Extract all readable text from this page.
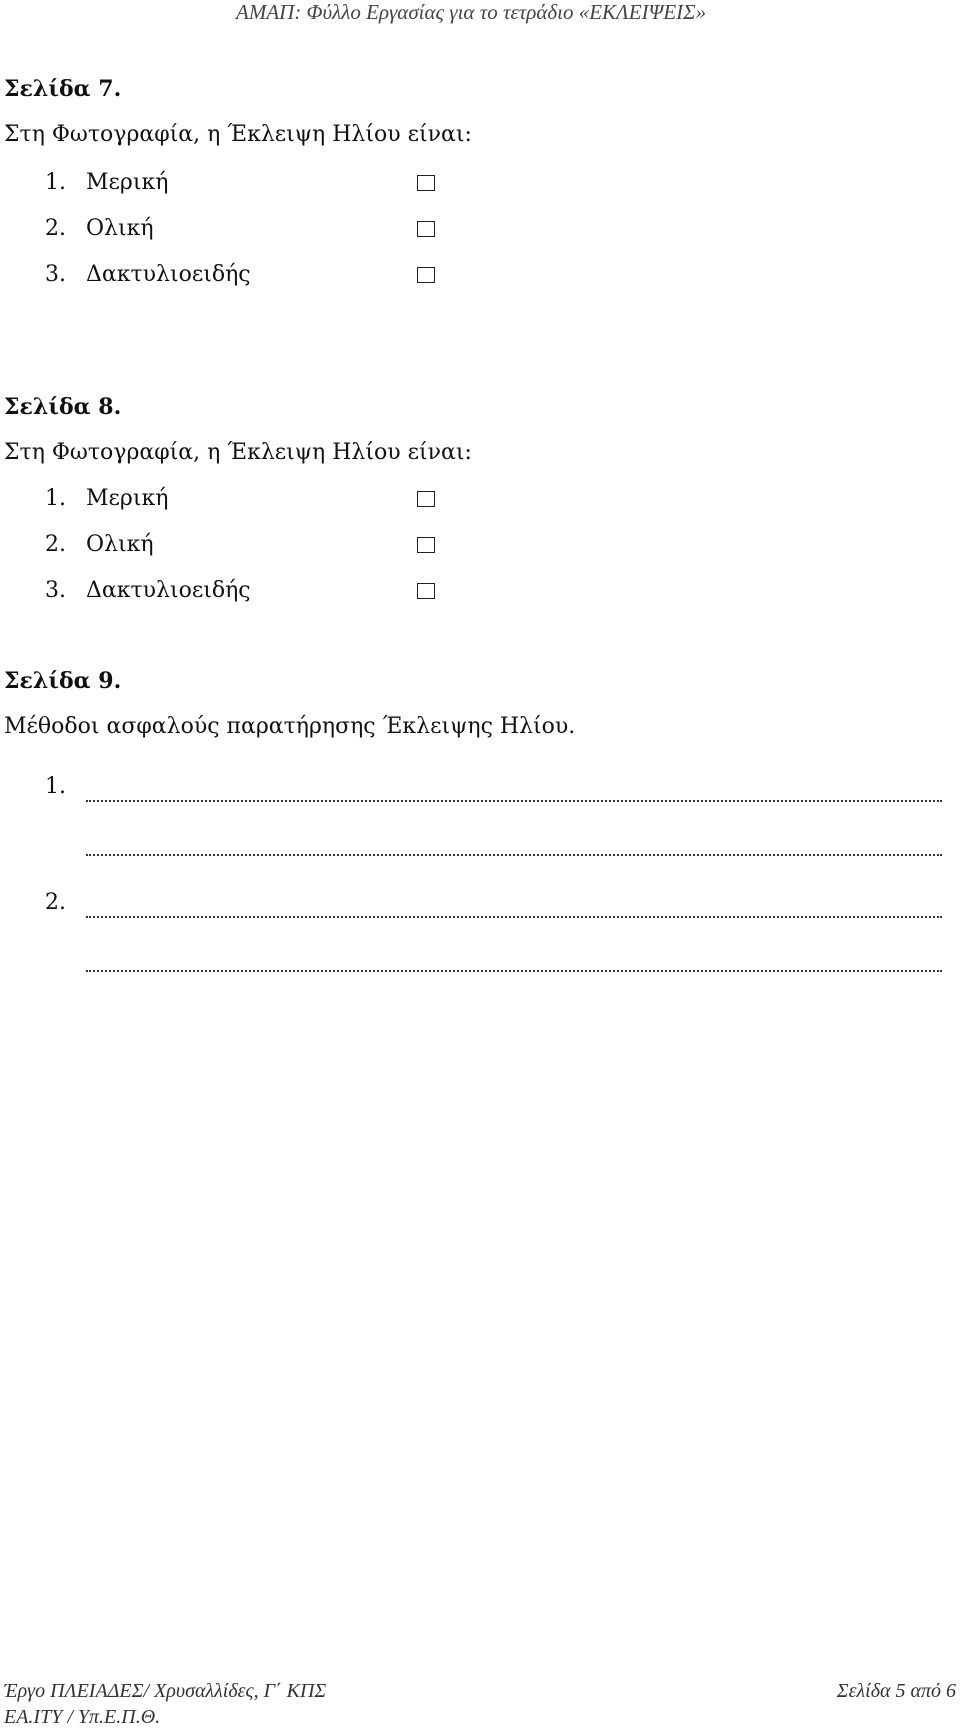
ΑΜΑΠ: Φύλλο Εργασίας για το τετράδιο «ΕΚΛΕΙΨΕΙΣ»
Σελίδα 7.
Στη Φωτογραφία, η Έκλειψη Ηλίου είναι:
1. Μερική
2. Ολική
3. Δακτυλιοειδής
Σελίδα 8.
Στη Φωτογραφία, η Έκλειψη Ηλίου είναι:
1. Μερική
2. Ολική
3. Δακτυλιοειδής
Σελίδα 9.
Μέθοδοι ασφαλούς παρατήρησης Έκλειψης Ηλίου.
1.
2.
Έργο ΠΛΕΙΑΔΕΣ/ Χρυσαλλίδες, Γ΄ ΚΠΣ	Σελίδα 5 από 6
ΕΑ.ΙΤΥ / Υπ.Ε.Π.Θ.
